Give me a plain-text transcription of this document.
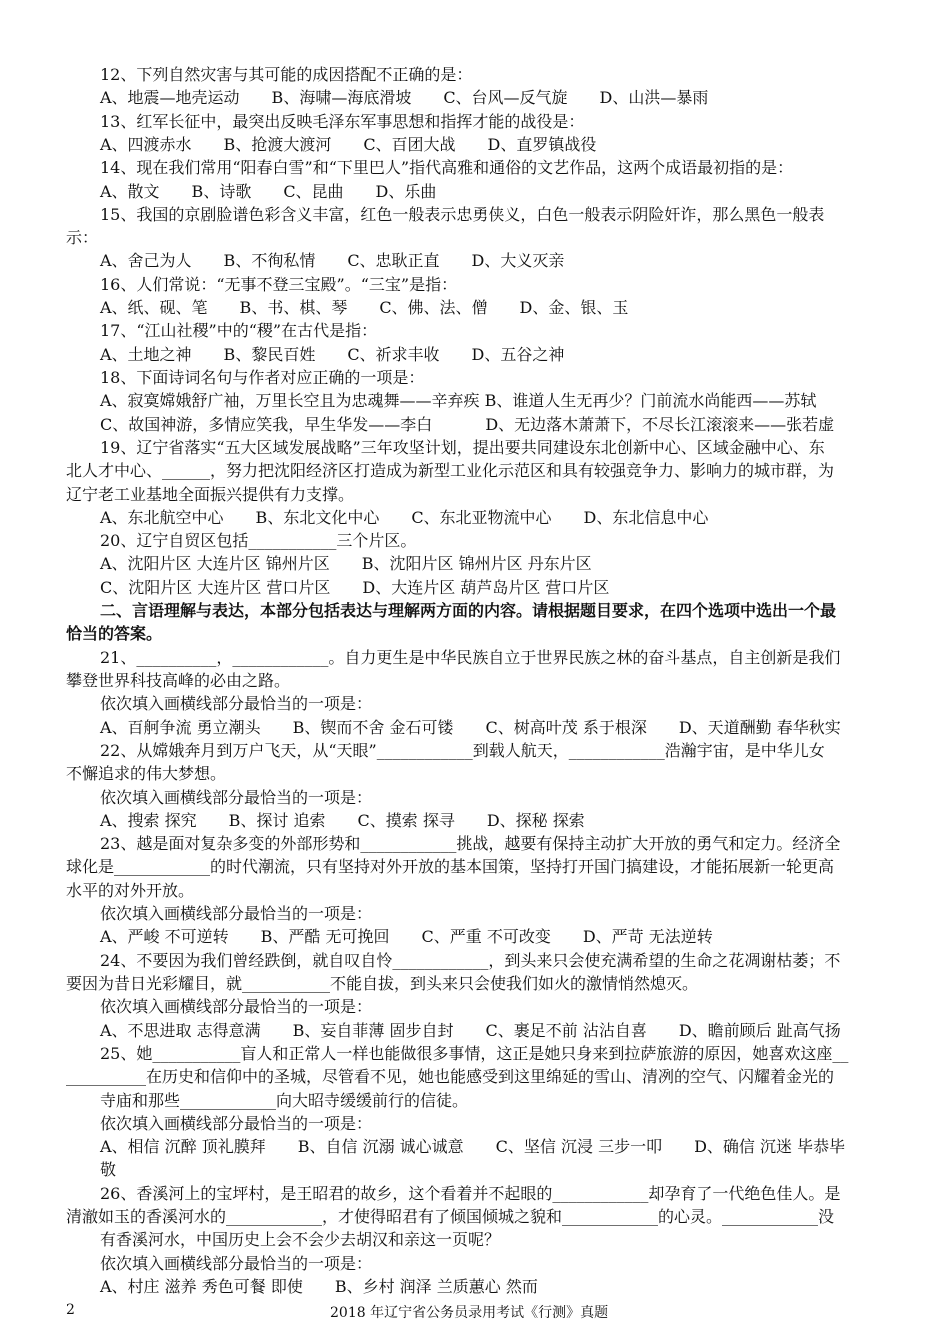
12、下列自然灾害与其可能的成因搭配不正确的是：
A、地震—地壳运动　　B、海啸—海底滑坡　　C、台风—反气旋　　D、山洪—暴雨
13、红军长征中，最突出反映毛泽东军事思想和指挥才能的战役是：
A、四渡赤水　　B、抢渡大渡河　　C、百团大战　　D、直罗镇战役
14、现在我们常用“阳春白雪”和“下里巴人”指代高雅和通俗的文艺作品，这两个成语最初指的是：
A、散文　　B、诗歌　　C、昆曲　　D、乐曲
15、我国的京剧脸谱色彩含义丰富，红色一般表示忠勇侠义，白色一般表示阴险奸诈，那么黑色一般表
示：
A、舍己为人　　B、不徇私情　　C、忠耿正直　　D、大义灭亲
16、人们常说：“无事不登三宝殿”。“三宝”是指：
A、纸、砚、笔　　B、书、棋、琴　　C、佛、法、僧　　D、金、银、玉
17、“江山社稷”中的“稷”在古代是指：
A、土地之神　　B、黎民百姓　　C、祈求丰收　　D、五谷之神
18、下面诗词名句与作者对应正确的一项是：
A、寂寞嫦娥舒广袖，万里长空且为忠魂舞——辛弃疾 B、谁道人生无再少？门前流水尚能西——苏轼
C、故国神游，多情应笑我，早生华发——李白　　　 D、无边落木萧萧下，不尽长江滚滚来——张若虚
19、辽宁省落实“五大区域发展战略”三年攻坚计划，提出要共同建设东北创新中心、区域金融中心、东
北人才中心、______，努力把沈阳经济区打造成为新型工业化示范区和具有较强竞争力、影响力的城市群，为
辽宁老工业基地全面振兴提供有力支撑。
A、东北航空中心　　B、东北文化中心　　C、东北亚物流中心　　D、东北信息中心
20、辽宁自贸区包括___________三个片区。
A、沈阳片区 大连片区 锦州片区　　B、沈阳片区 锦州片区 丹东片区
C、沈阳片区 大连片区 营口片区　　D、大连片区 葫芦岛片区 营口片区
二、言语理解与表达，本部分包括表达与理解两方面的内容。请根据题目要求，在四个选项中选出一个最
恰当的答案。
21、__________，____________。自力更生是中华民族自立于世界民族之林的奋斗基点，自主创新是我们
攀登世界科技高峰的必由之路。
依次填入画横线部分最恰当的一项是：
A、百舸争流 勇立潮头　　B、锲而不舍 金石可镂　　C、树高叶茂 系于根深　　D、天道酬勤 春华秋实
22、从嫦娥奔月到万户飞天，从“天眼”____________到载人航天，____________浩瀚宇宙，是中华儿女
不懈追求的伟大梦想。
依次填入画横线部分最恰当的一项是：
A、搜索 探究　　B、探讨 追索　　C、摸索 探寻　　D、探秘 探索
23、越是面对复杂多变的外部形势和____________挑战，越要有保持主动扩大开放的勇气和定力。经济全
球化是____________的时代潮流，只有坚持对外开放的基本国策，坚持打开国门搞建设，才能拓展新一轮更高
水平的对外开放。
依次填入画横线部分最恰当的一项是：
A、严峻 不可逆转　　B、严酷 无可挽回　　C、严重 不可改变　　D、严苛 无法逆转
24、不要因为我们曾经跌倒，就自叹自怜____________，到头来只会使充满希望的生命之花凋谢枯萎；不
要因为昔日光彩耀目，就___________不能自拔，到头来只会使我们如火的激情悄然熄灭。
依次填入画横线部分最恰当的一项是：
A、不思进取 志得意满　　B、妄自菲薄 固步自封　　C、裹足不前 沾沾自喜　　D、瞻前顾后 趾高气扬
25、她___________盲人和正常人一样也能做很多事情，这正是她只身来到拉萨旅游的原因，她喜欢这座__
__________在历史和信仰中的圣城，尽管看不见，她也能感受到这里绵延的雪山、清冽的空气、闪耀着金光的
寺庙和那些____________向大昭寺缓缓前行的信徒。
依次填入画横线部分最恰当的一项是：
A、相信 沉醉 顶礼膜拜　　B、自信 沉溺 诚心诚意　　C、坚信 沉浸 三步一叩　　D、确信 沉迷 毕恭毕
敬
26、香溪河上的宝坪村，是王昭君的故乡，这个看着并不起眼的____________却孕育了一代绝色佳人。是
清澈如玉的香溪河水的____________，才使得昭君有了倾国倾城之貌和____________的心灵。____________没
有香溪河水，中国历史上会不会少去胡汉和亲这一页呢？
依次填入画横线部分最恰当的一项是：
A、村庄 滋养 秀色可餐 即使　　B、乡村 润泽 兰质蕙心 然而
2	2018 年辽宁省公务员录用考试《行测》真题
